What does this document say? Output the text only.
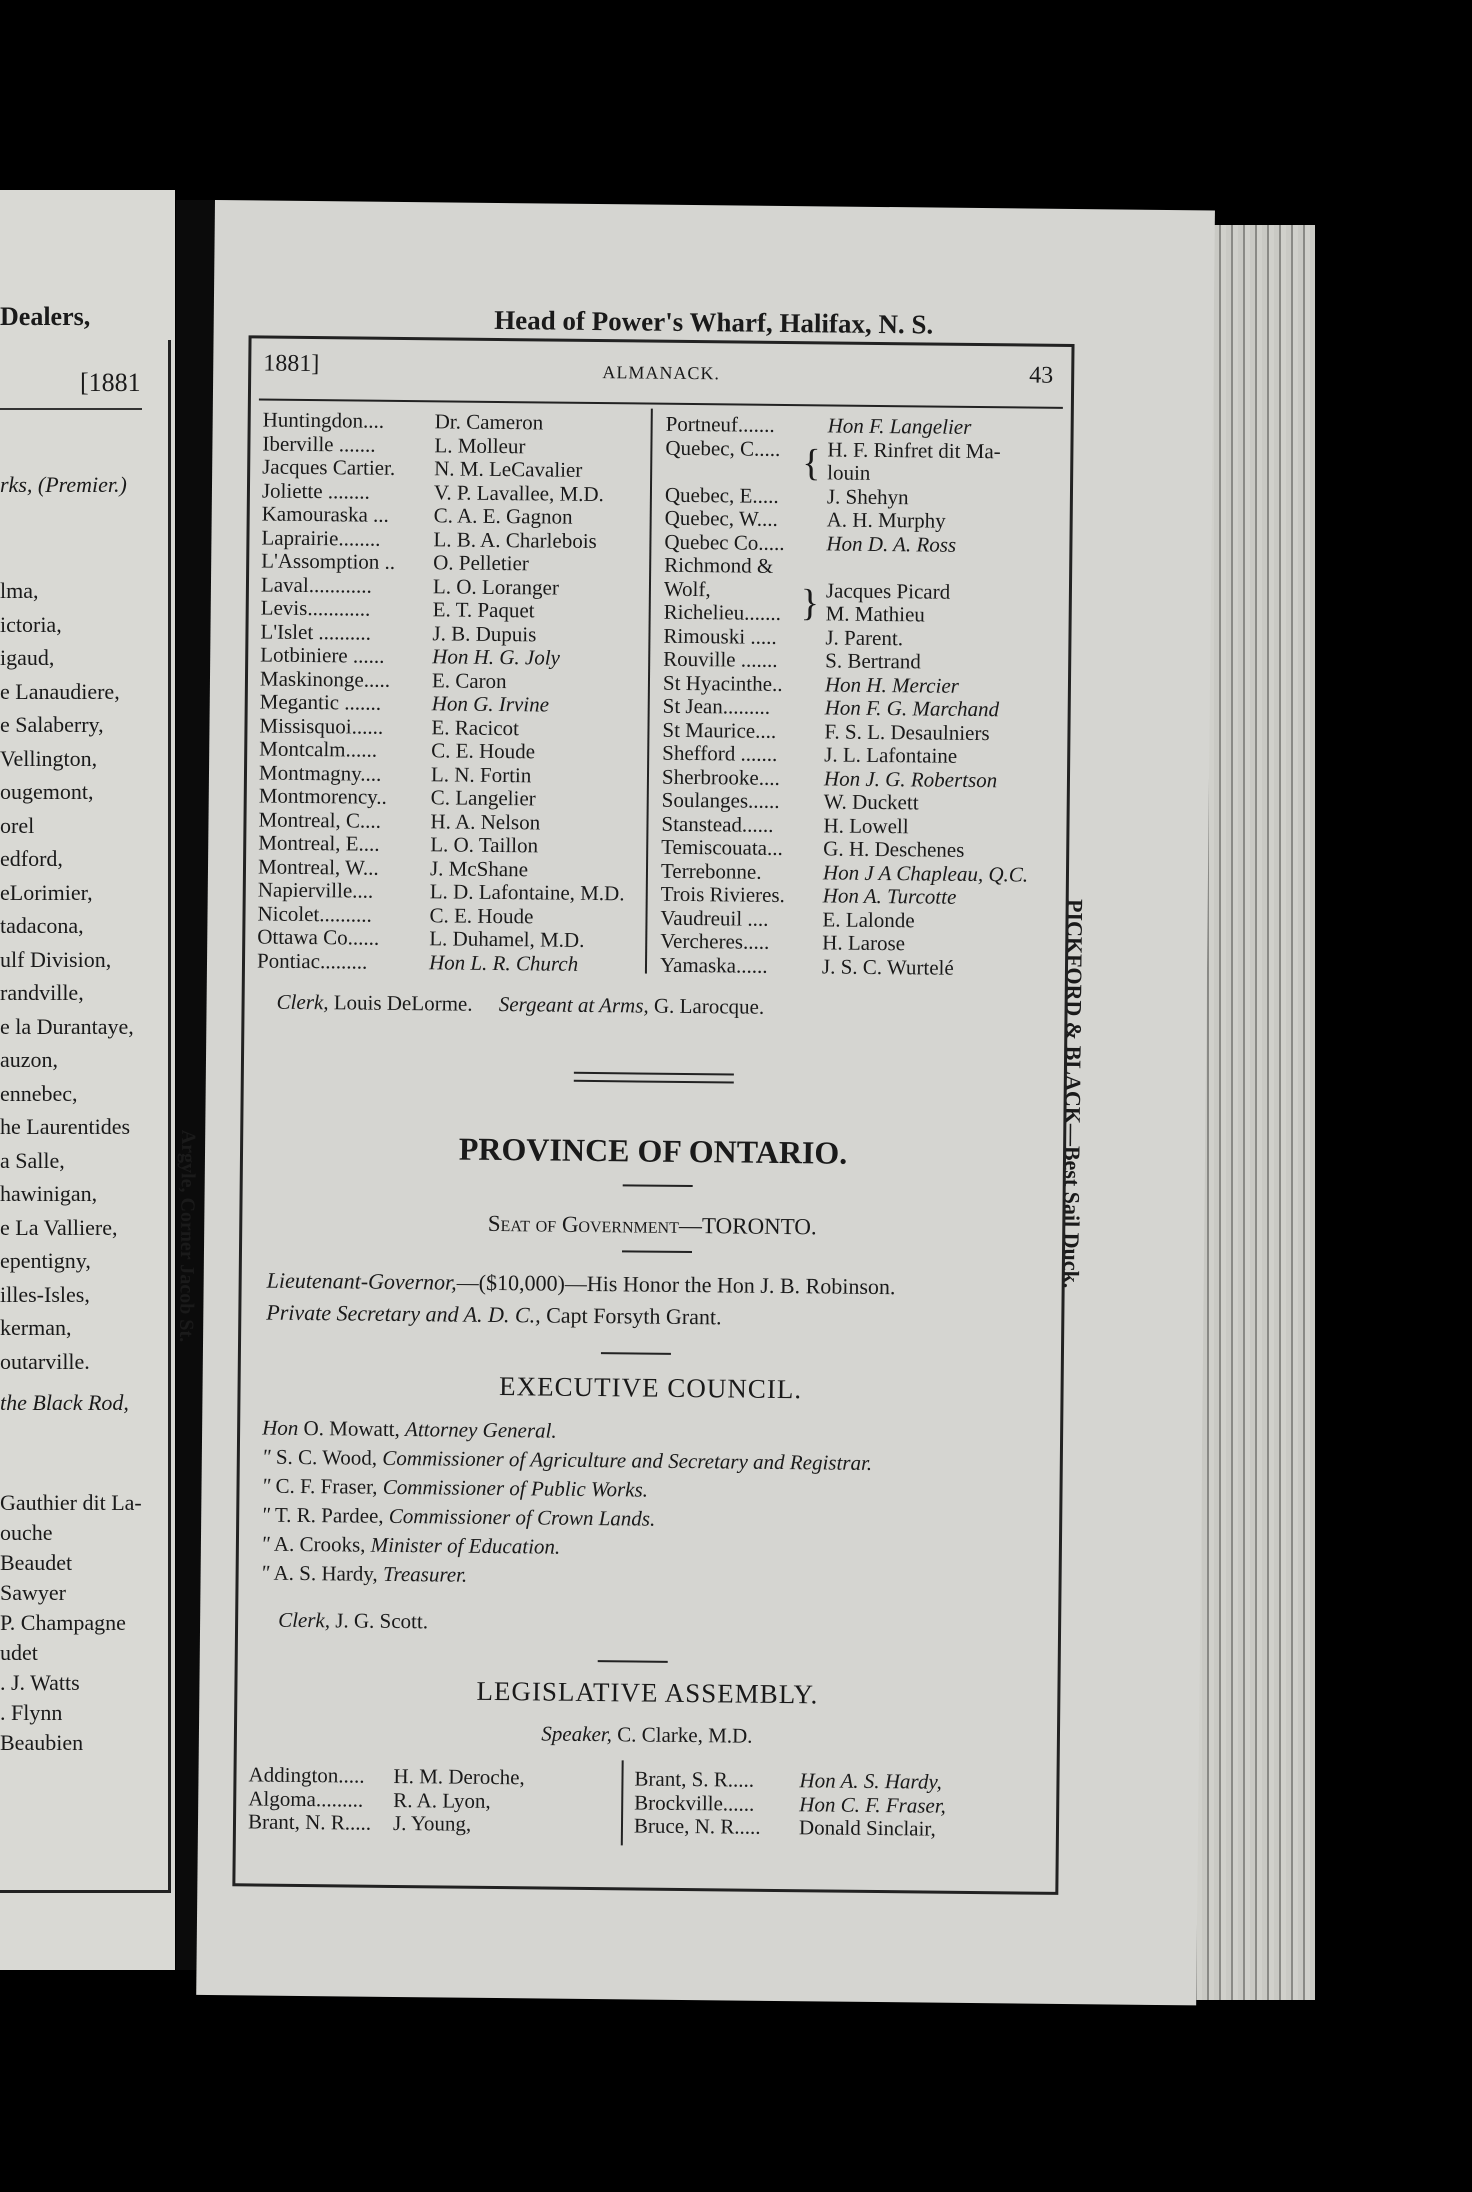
Dealers,
[1881
rks, (Premier.)
lma,
ictoria,
igaud,
e Lanaudiere,
e Salaberry,
Vellington,
ougemont,
orel
edford,
eLorimier,
tadacona,
ulf Division,
randville,
e la Durantaye,
auzon,
ennebec,
he Laurentides
a Salle,
hawinigan,
e La Valliere,
epentigny,
illes-Isles,
kerman,
outarville.
the Black Rod,
Gauthier dit La-
ouche
Beaudet
Sawyer
P. Champagne
udet
. J. Watts
. Flynn
Beaubien
Head of Power's Wharf, Halifax, N. S.
Argyle, Corner Jacob St.	PICKFORD & BLACK—Best Sail Duck.
1881]	ALMANACK.	43
Huntingdon.... Dr. Cameron
Iberville .......	L. Molleur
Jacques Cartier. N. M. LeCavalier
Joliette ........	V. P. Lavallee, M.D.
Kamouraska ... C. A. E. Gagnon
Laprairie........	L. B. A. Charlebois
L'Assomption .. O. Pelletier
Laval............	L. O. Loranger
Levis............	E. T. Paquet
L'Islet ..........	J. B. Dupuis
Lotbiniere ...... Hon H. G. Joly
Maskinonge..... E. Caron
Megantic ....... Hon G. Irvine
Missisquoi...... E. Racicot
Montcalm......	C. E. Houde
Montmagny.... L. N. Fortin
Montmorency.. C. Langelier
Montreal, C.... H. A. Nelson
Montreal, E.... L. O. Taillon
Montreal, W... J. McShane
Napierville....	L. D. Lafontaine, M.D.
Nicolet..........	C. E. Houde
Ottawa Co...... L. Duhamel, M.D.
Pontiac.........	Hon L. R. Church
Portneuf.......	Hon F. Langelier
Quebec, C..... H. F. Rinfret dit Ma-
louin
Quebec, E..... J. Shehyn
Quebec, W.... A. H. Murphy
Quebec Co..... Hon D. A. Ross
Richmond &
Wolf,	Jacques Picard
Richelieu....... M. Mathieu
Rimouski ..... J. Parent.
Rouville ....... S. Bertrand
St Hyacinthe.. Hon H. Mercier
St Jean.........	Hon F. G. Marchand
St Maurice.... F. S. L. Desaulniers
Shefford ....... J. L. Lafontaine
Sherbrooke.... Hon J. G. Robertson
Soulanges...... W. Duckett
Stanstead...... H. Lowell
Temiscouata... G. H. Deschenes
Terrebonne.	Hon J A Chapleau, Q.C.
Trois Rivieres. Hon A. Turcotte
Vaudreuil ....	E. Lalonde
Vercheres.....	H. Larose
Yamaska......	J. S. C. Wurtelé
{
}
Clerk, Louis DeLorme. Sergeant at Arms, G. Larocque.
PROVINCE OF ONTARIO.
Seat of Government—TORONTO.
Lieutenant-Governor,—($10,000)—His Honor the Hon J. B. Robinson.
Private Secretary and A. D. C., Capt Forsyth Grant.
EXECUTIVE COUNCIL.
Hon O. Mowatt, Attorney General.
" S. C. Wood, Commissioner of Agriculture and Secretary and Registrar.
" C. F. Fraser, Commissioner of Public Works.
" T. R. Pardee, Commissioner of Crown Lands.
" A. Crooks, Minister of Education.
" A. S. Hardy, Treasurer.
Clerk, J. G. Scott.
LEGISLATIVE ASSEMBLY.
Speaker, C. Clarke, M.D.
Addington..... H. M. Deroche,
Algoma......... R. A. Lyon,
Brant, N. R..... J. Young,
Brant, S. R..... Hon A. S. Hardy,
Brockville...... Hon C. F. Fraser,
Bruce, N. R..... Donald Sinclair,
